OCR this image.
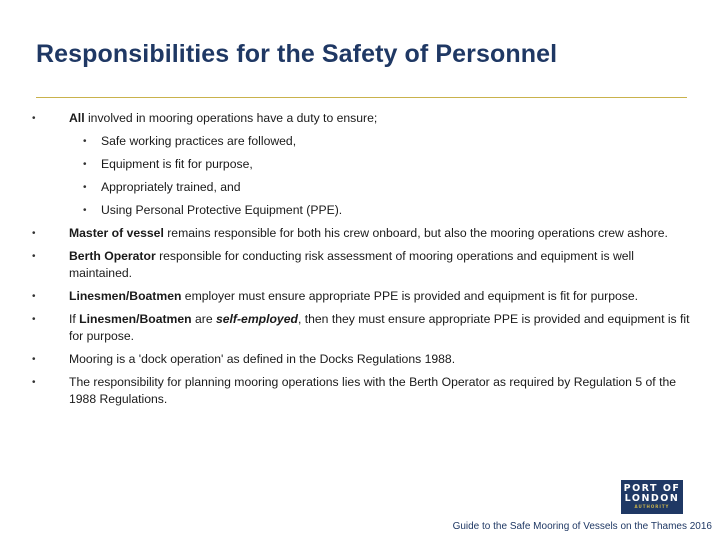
Responsibilities for the Safety of Personnel
•	All involved in mooring operations have a duty to ensure;
•	Safe working practices are followed,
•	Equipment is fit for purpose,
•	Appropriately trained, and
•	Using Personal Protective Equipment (PPE).
•	Master of vessel remains responsible for both his crew onboard, but also the mooring operations crew ashore.
•	Berth Operator responsible for conducting risk assessment of mooring operations and equipment is well maintained.
•	Linesmen/Boatmen employer must ensure appropriate PPE is provided and equipment is fit for purpose.
•	If Linesmen/Boatmen are self-employed, then they must ensure appropriate PPE is provided and equipment is fit for purpose.
•	Mooring is a 'dock operation' as defined in the Docks Regulations 1988.
•	The responsibility for planning mooring operations lies with the Berth Operator as required by Regulation 5 of the 1988 Regulations.
PORT OF
LONDON
AUTHORITY
Guide to the Safe Mooring of Vessels on the Thames 2016
